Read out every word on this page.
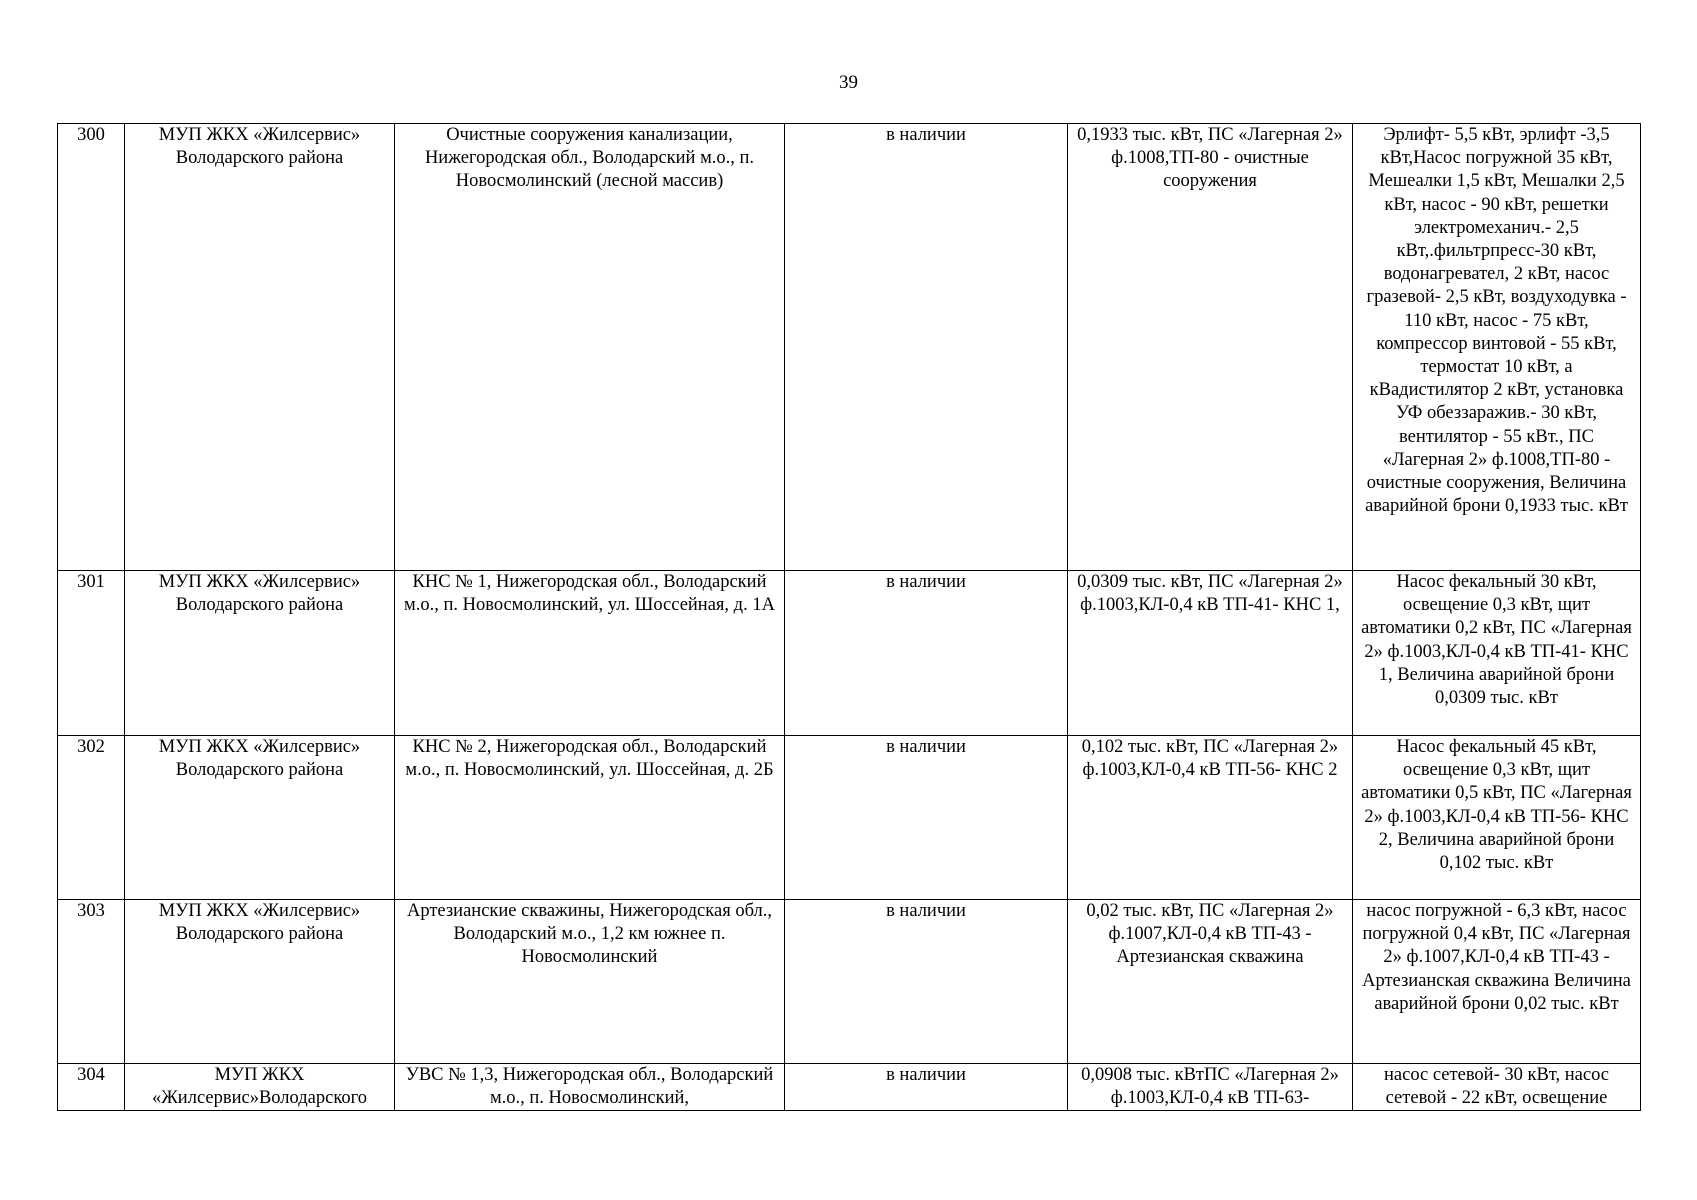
39
300	МУП ЖКХ «Жилсервис» Володарского района	Очистные сооружения канализации, Нижегородская обл., Володарский м.о., п. Новосмолинский (лесной массив)	в наличии	0,1933 тыс. кВт, ПС «Лагерная 2» ф.1008,ТП-80 - очистные сооружения	Эрлифт- 5,5 кВт, эрлифт -3,5 кВт,Насос погружной 35 кВт, Мешеалки 1,5 кВт, Мешалки 2,5 кВт, насос - 90 кВт, решетки электромеханич.- 2,5 кВт,.фильтрпресс-30 кВт, водонагревател, 2 кВт, насос гразевой- 2,5 кВт, воздуходувка - 110 кВт, насос - 75 кВт, компрессор винтовой - 55 кВт, термостат 10 кВт, а кВадистилятор 2 кВт, установка УФ обеззаражив.- 30 кВт, вентилятор - 55 кВт., ПС «Лагерная 2» ф.1008,ТП-80 - очистные сооружения, Величина аварийной брони 0,1933 тыс. кВт
301	МУП ЖКХ «Жилсервис» Володарского района	КНС № 1, Нижегородская обл., Володарский м.о., п. Новосмолинский, ул. Шоссейная, д. 1А	в наличии	0,0309 тыс. кВт, ПС «Лагерная 2» ф.1003,КЛ-0,4 кВ ТП-41- КНС 1,	Насос фекальный 30 кВт, освещение 0,3 кВт, щит автоматики 0,2 кВт, ПС «Лагерная 2» ф.1003,КЛ-0,4 кВ ТП-41- КНС 1, Величина аварийной брони 0,0309 тыс. кВт
302	МУП ЖКХ «Жилсервис» Володарского района	КНС № 2, Нижегородская обл., Володарский м.о., п. Новосмолинский, ул. Шоссейная, д. 2Б	в наличии	0,102 тыс. кВт, ПС «Лагерная 2» ф.1003,КЛ-0,4 кВ ТП-56- КНС 2	Насос фекальный 45 кВт, освещение 0,3 кВт, щит автоматики 0,5 кВт, ПС «Лагерная 2» ф.1003,КЛ-0,4 кВ ТП-56- КНС 2, Величина аварийной брони 0,102 тыс. кВт
303	МУП ЖКХ «Жилсервис» Володарского района	Артезианские скважины, Нижегородская обл., Володарский м.о., 1,2 км южнее п. Новосмолинский	в наличии	0,02 тыс. кВт, ПС «Лагерная 2» ф.1007,КЛ-0,4 кВ ТП-43 - Артезианская скважина	насос погружной - 6,3 кВт, насос погружной 0,4 кВт, ПС «Лагерная 2» ф.1007,КЛ-0,4 кВ ТП-43 - Артезианская скважина Величина аварийной брони 0,02 тыс. кВт

304	МУП ЖКХ «Жилсервис»Володарского	УВС № 1,3, Нижегородская обл., Володарский м.о., п. Новосмолинский,	в наличии	0,0908 тыс. кВтПС «Лагерная 2» ф.1003,КЛ-0,4 кВ ТП-63-	насос сетевой- 30 кВт, насос сетевой - 22 кВт, освещение
